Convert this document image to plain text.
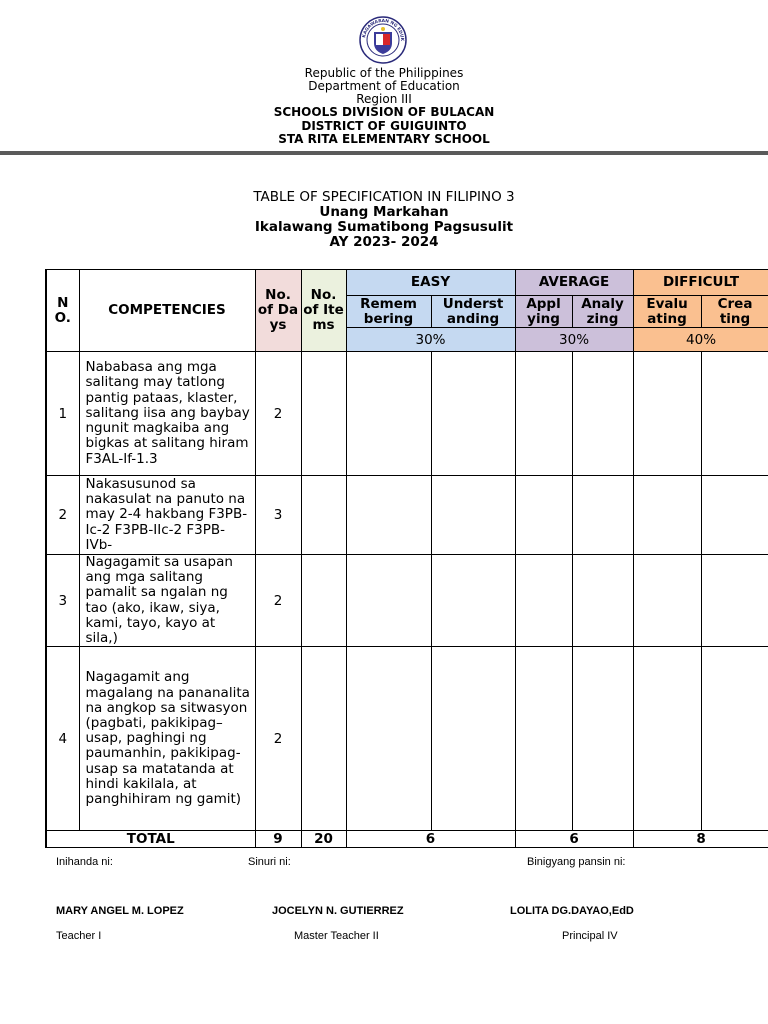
KAGAWARAN NG EDUK
Republic of the Philippines
Department of Education
Region III
SCHOOLS DIVISION OF BULACAN
DISTRICT OF GUIGUINTO
STA RITA ELEMENTARY SCHOOL
TABLE OF SPECIFICATION IN FILIPINO 3
Unang Markahan
Ikalawang Sumatibong Pagsusulit
AY 2023- 2024
N O.	COMPETENCIES	No. of Da ys	No. of Ite ms	EASY		AVERAGE		DIFFICULT	
				Remem bering	Underst anding	Appl ying	Analy zing	Evalu ating	Crea ting
				30%		30%		40%	
1	Nababasa ang mga salitang may tatlong pantig pataas, klaster, salitang iisa ang baybay ngunit magkaiba ang bigkas at salitang hiram F3AL-If-1.3	2							
2	Nakasusunod sa nakasulat na panuto na may 2-4 hakbang F3PB-Ic-2 F3PB-IIc-2 F3PB-IVb-	3							
3	Nagagamit sa usapan ang mga salitang pamalit sa ngalan ng tao (ako, ikaw, siya, kami, tayo, kayo at sila,)	2							
4	Nagagamit ang magalang na pananalita na angkop sa sitwasyon (pagbati, pakikipag–usap, paghingi ng paumanhin, pakikipag-usap sa matatanda at hindi kakilala, at panghihiram ng gamit)	2							
TOTAL		9	20	6		6		8	
Inihanda ni:	Sinuri ni:	Binigyang pansin ni:
MARY ANGEL M. LOPEZ	JOCELYN N. GUTIERREZ	LOLITA DG.DAYAO,EdD
Teacher I	Master Teacher II	Principal IV
